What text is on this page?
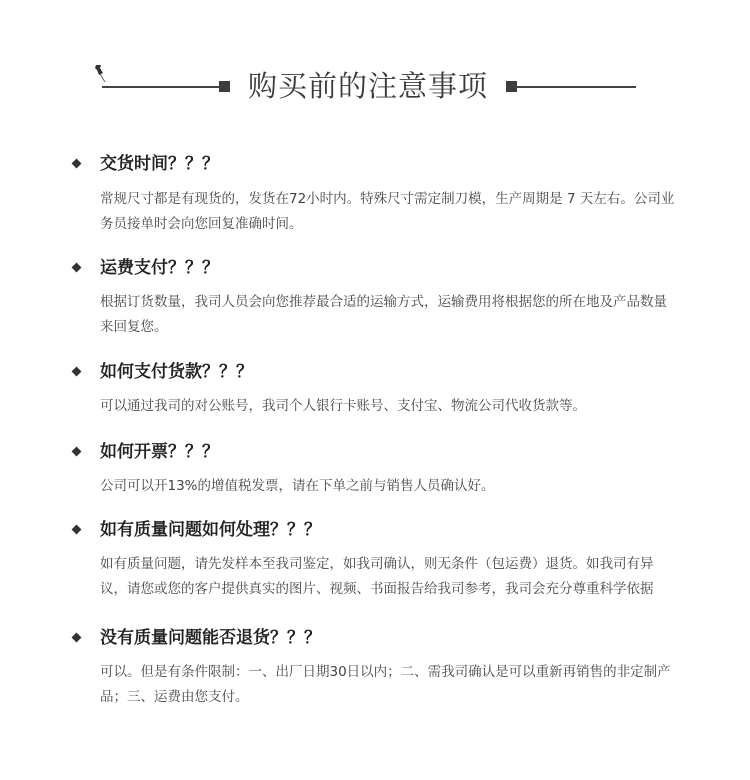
购买前的注意事项
交货时间？？？
常规尺寸都是有现货的，发货在72小时内。特殊尺寸需定制刀模，生产周期是 7 天左右。公司业务员接单时会向您回复准确时间。
运费支付？？？
根据订货数量，我司人员会向您推荐最合适的运输方式，运输费用将根据您的所在地及产品数量来回复您。
如何支付货款？？？
可以通过我司的对公账号，我司个人银行卡账号、支付宝、物流公司代收货款等。
如何开票？？？
公司可以开13%的增值税发票，请在下单之前与销售人员确认好。
如有质量问题如何处理？？？
如有质量问题，请先发样本至我司鉴定，如我司确认，则无条件（包运费）退货。如我司有异议，请您或您的客户提供真实的图片、视频、书面报告给我司参考，我司会充分尊重科学依据
没有质量问题能否退货？？？
可以。但是有条件限制：一、出厂日期30日以内；二、需我司确认是可以重新再销售的非定制产品；三、运费由您支付。
